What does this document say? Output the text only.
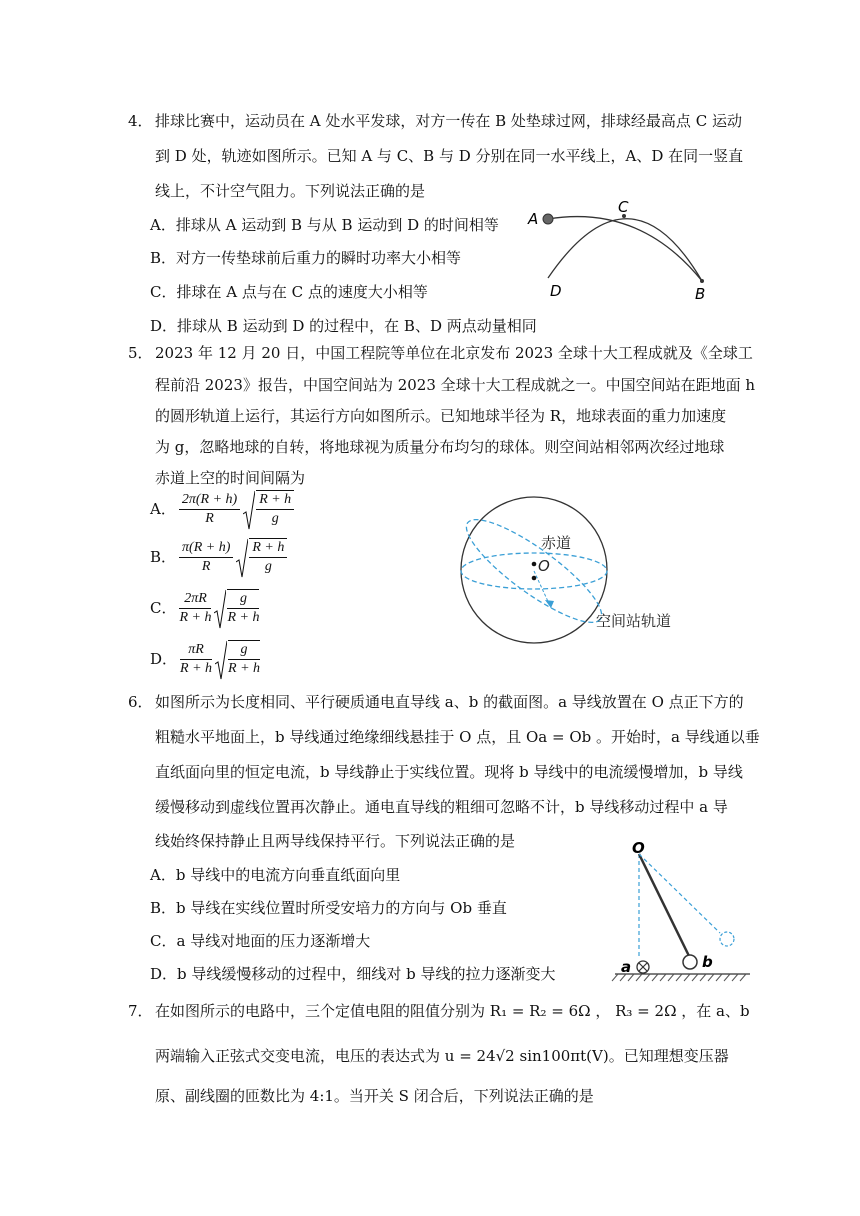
4． 排球比赛中，运动员在 A 处水平发球，对方一传在 B 处垫球过网，排球经最高点 C 运动
到 D 处，轨迹如图所示。已知 A 与 C、B 与 D 分别在同一水平线上，A、D 在同一竖直
线上，不计空气阻力。下列说法正确的是
A．排球从 A 运动到 B 与从 B 运动到 D 的时间相等
B．对方一传垫球前后重力的瞬时功率大小相等
C．排球在 A 点与在 C 点的速度大小相等
D．排球从 B 运动到 D 的过程中，在 B、D 两点动量相同
A
C
D	B
5． 2023 年 12 月 20 日，中国工程院等单位在北京发布 2023 全球十大工程成就及《全球工
程前沿 2023》报告，中国空间站为 2023 全球十大工程成就之一。中国空间站在距地面 h
的圆形轨道上运行，其运行方向如图所示。已知地球半径为 R，地球表面的重力加速度
为 g，忽略地球的自转，将地球视为质量分布均匀的球体。则空间站相邻两次经过地球
赤道上空的时间间隔为
A． $\frac{2\pi(R + h)}{R} \frac{R + h}{g}$
B． $\frac{\pi(R + h)}{R} \frac{R + h}{g}$
C． $\frac{2\pi R}{R + h} \frac{g}{R + h}$
D． $\frac{\pi R}{R + h} \frac{g}{R + h}$
赤道
O
空间站轨道
6． 如图所示为长度相同、平行硬质通电直导线 a、b 的截面图。a 导线放置在 O 点正下方的
粗糙水平地面上，b 导线通过绝缘细线悬挂于 O 点，且 Oa = Ob 。开始时，a 导线通以垂
直纸面向里的恒定电流，b 导线静止于实线位置。现将 b 导线中的电流缓慢增加，b 导线
缓慢移动到虚线位置再次静止。通电直导线的粗细可忽略不计，b 导线移动过程中 a 导
线始终保持静止且两导线保持平行。下列说法正确的是
A．b 导线中的电流方向垂直纸面向里
B．b 导线在实线位置时所受安培力的方向与 Ob 垂直
C．a 导线对地面的压力逐渐增大
D．b 导线缓慢移动的过程中，细线对 b 导线的拉力逐渐变大
O
a	b
7． 在如图所示的电路中，三个定值电阻的阻值分别为 R₁ = R₂ = 6Ω ， R₃ = 2Ω ，在 a、b
两端输入正弦式交变电流，电压的表达式为 u = 24√2 sin100πt(V)。已知理想变压器
原、副线圈的匝数比为 4:1。当开关 S 闭合后，下列说法正确的是
